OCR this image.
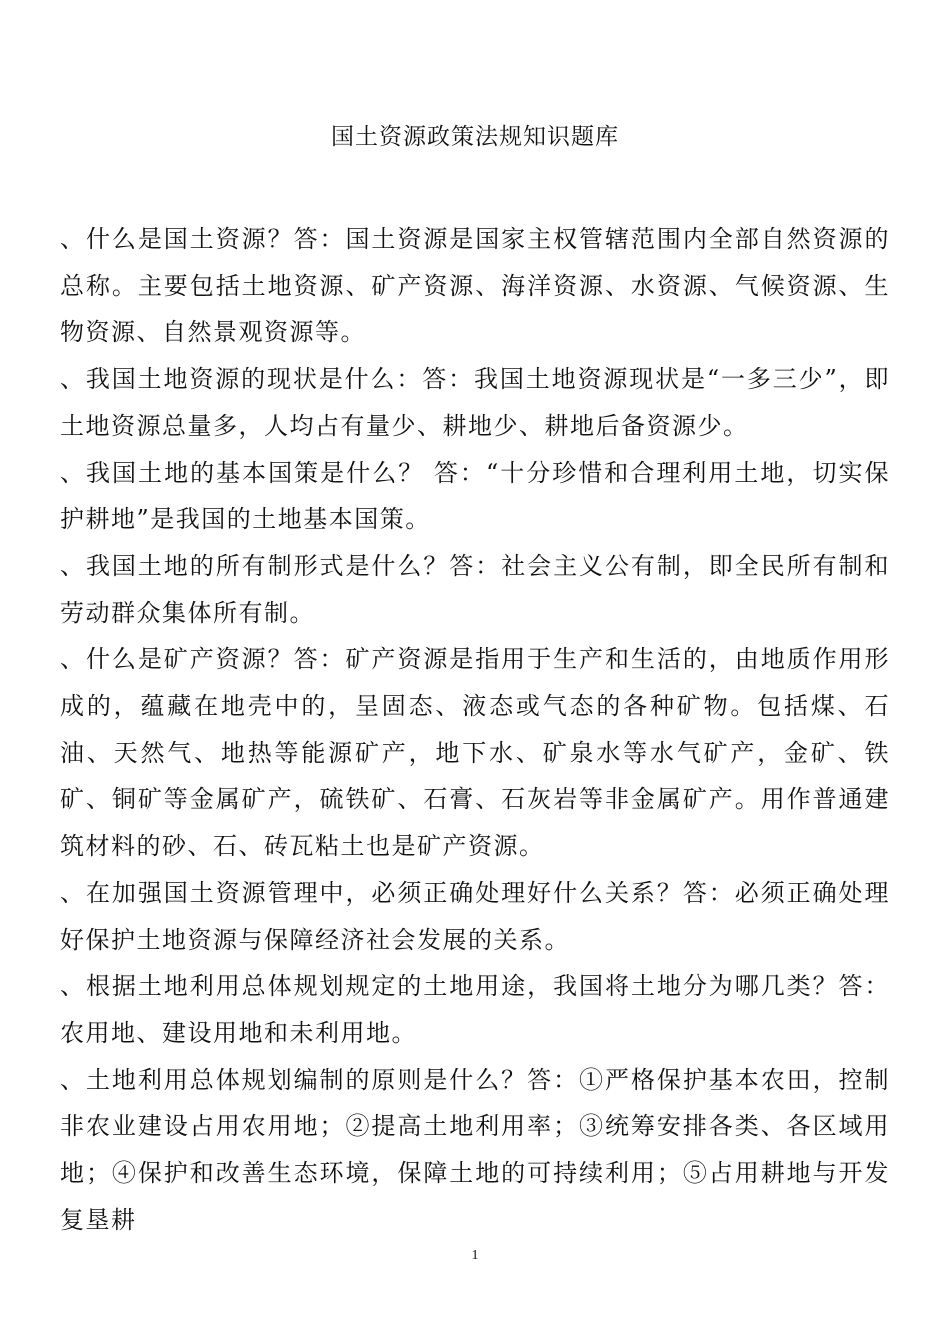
国土资源政策法规知识题库

、什么是国土资源？答：国土资源是国家主权管辖范围内全部自然资源的总称。主要包括土地资源、矿产资源、海洋资源、水资源、气候资源、生物资源、自然景观资源等。

、我国土地资源的现状是什么：答：我国土地资源现状是“一多三少”，即土地资源总量多，人均占有量少、耕地少、耕地后备资源少。

、我国土地的基本国策是什么？ 答：“十分珍惜和合理利用土地，切实保护耕地”是我国的土地基本国策。

、我国土地的所有制形式是什么？答：社会主义公有制，即全民所有制和劳动群众集体所有制。

、什么是矿产资源？答：矿产资源是指用于生产和生活的，由地质作用形成的，蕴藏在地壳中的，呈固态、液态或气态的各种矿物。包括煤、石油、天然气、地热等能源矿产，地下水、矿泉水等水气矿产，金矿、铁矿、铜矿等金属矿产，硫铁矿、石膏、石灰岩等非金属矿产。用作普通建筑材料的砂、石、砖瓦粘土也是矿产资源。

、在加强国土资源管理中，必须正确处理好什么关系？答：必须正确处理好保护土地资源与保障经济社会发展的关系。

、根据土地利用总体规划规定的土地用途，我国将土地分为哪几类？答：农用地、建设用地和未利用地。

、土地利用总体规划编制的原则是什么？答：①严格保护基本农田，控制非农业建设占用农用地；②提高土地利用率；③统筹安排各类、各区域用地；④保护和改善生态环境，保障土地的可持续利用；⑤占用耕地与开发复垦耕

1
